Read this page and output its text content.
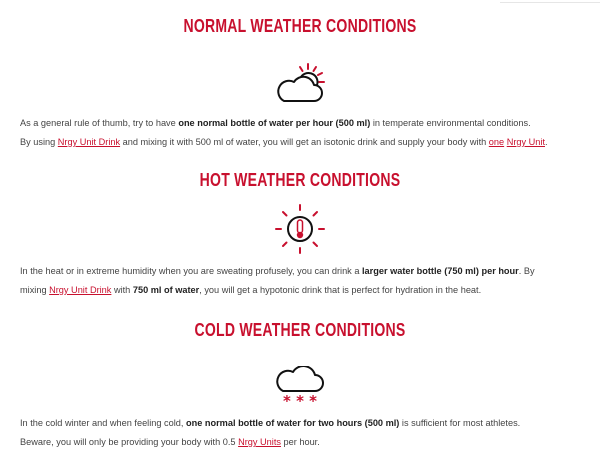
NORMAL WEATHER CONDITIONS

As a general rule of thumb, try to have one normal bottle of water per hour (500 ml) in temperate environmental conditions.
By using Nrgy Unit Drink and mixing it with 500 ml of water, you will get an isotonic drink and supply your body with one Nrgy Unit.

HOT WEATHER CONDITIONS

In the heat or in extreme humidity when you are sweating profusely, you can drink a larger water bottle (750 ml) per hour. By
mixing Nrgy Unit Drink with 750 ml of water, you will get a hypotonic drink that is perfect for hydration in the heat.

COLD WEATHER CONDITIONS
* * *

In the cold winter and when feeling cold, one normal bottle of water for two hours (500 ml) is sufficient for most athletes.
Beware, you will only be providing your body with 0.5 Nrgy Units per hour.
